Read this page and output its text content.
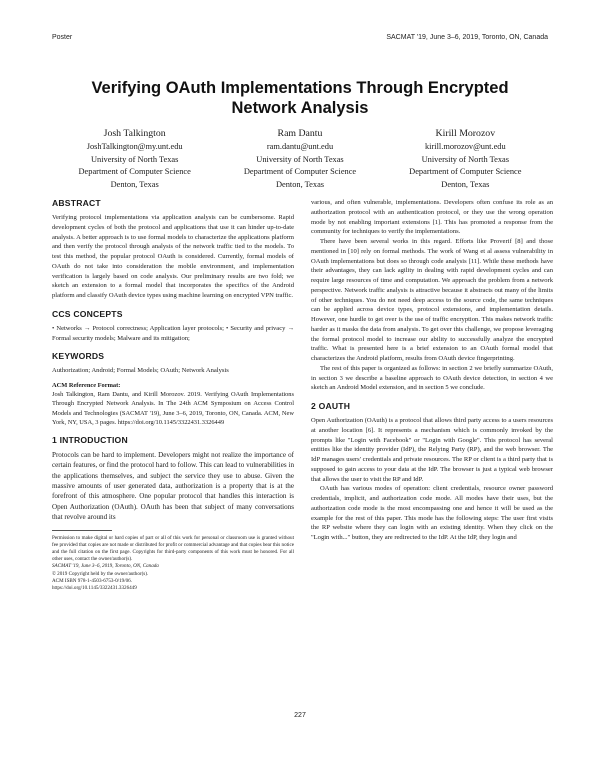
Poster	SACMAT '19, June 3–6, 2019, Toronto, ON, Canada
Verifying OAuth Implementations Through Encrypted Network Analysis
Josh Talkington
JoshTalkington@my.unt.edu
University of North Texas
Department of Computer Science
Denton, Texas
Ram Dantu
ram.dantu@unt.edu
University of North Texas
Department of Computer Science
Denton, Texas
Kirill Morozov
kirill.morozov@unt.edu
University of North Texas
Department of Computer Science
Denton, Texas
ABSTRACT

Verifying protocol implementations via application analysis can be cumbersome. Rapid development cycles of both the protocol and applications that use it can hinder up-to-date analysis. A better approach is to use formal models to characterize the applications platform and then verify the protocol through analysis of the network traffic tied to the models. To test this method, the popular protocol OAuth is considered. Currently, formal models of OAuth do not take into consideration the mobile environment, and implementation verification is largely based on code analysis. Our preliminary results are two fold; we sketch an extension to a formal model that incorporates the specifics of the Android platform and classify OAuth device types using machine learning on encrypted VPN traffic.

CCS CONCEPTS

• Networks → Protocol correctness; Application layer protocols; • Security and privacy → Formal security models; Malware and its mitigation;

KEYWORDS

Authorization; Android; Formal Models; OAuth; Network Analysis

ACM Reference Format:

Josh Talkington, Ram Dantu, and Kirill Morozov. 2019. Verifying OAuth Implementations Through Encrypted Network Analysis. In The 24th ACM Symposium on Access Control Models and Technologies (SACMAT '19), June 3–6, 2019, Toronto, ON, Canada. ACM, New York, NY, USA, 3 pages. https://doi.org/10.1145/3322431.3326449

1 INTRODUCTION

Protocols can be hard to implement. Developers might not realize the importance of certain features, or find the protocol hard to follow. This can lead to vulnerabilities in the applications themselves, and subject the service they use to abuse. Given the massive amounts of user generated data, authorization is a property that is at the forefront of this atmosphere. One popular protocol that handles this interaction is Open Authorization (OAuth). OAuth has been that subject of many conversations that revolve around its

Permission to make digital or hard copies of part or all of this work for personal or classroom use is granted without fee provided that copies are not made or distributed for profit or commercial advantage and that copies bear this notice and the full citation on the first page. Copyrights for third-party components of this work must be honored. For all other uses, contact the owner/author(s).

SACMAT '19, June 3–6, 2019, Toronto, ON, Canada
© 2019 Copyright held by the owner/author(s).
ACM ISBN 978-1-4503-6753-0/19/06.
https://doi.org/10.1145/3322431.3326449

various, and often vulnerable, implementations. Developers often confuse its role as an authorization protocol with an authentication protocol, or they use the wrong operation mode by not enabling important extensions [1]. This has promoted a response from the community for techniques to verify the implementations.

There have been several works in this regard. Efforts like Proverif [8] and those mentioned in [10] rely on formal methods. The work of Wang et al assess vulnerability in OAuth implementations but does so through code analysis [11]. While these methods have their advantages, they can lack agility in dealing with rapid development cycles and can require large resources of time and computation. We approach the problem from a network perspective. Network traffic analysis is attractive because it abstracts out many of the limits of other techniques. You do not need deep access to the source code, the same techniques can be applied across device types, protocol extensions, and implementation details. However, one hurdle to get over is the use of traffic encryption. This makes network traffic harder as it masks the data from analysis. To get over this challenge, we propose leveraging the formal protocol model to increase our ability to successfully analyze the encrypted traffic. What is presented here is a brief extension to an OAuth formal model that characterizes the Android platform, results from OAuth device fingerprinting.

The rest of this paper is organized as follows: in section 2 we briefly summarize OAuth, in section 3 we describe a baseline approach to OAuth device detection, in section 4 we sketch an Android Model extension, and in section 5 we conclude.

2 OAUTH

Open Authorization (OAuth) is a protocol that allows third party access to a users resources at another location [6]. It represents a mechanism which is commonly invoked by the prompts like "Login with Facebook" or "Login with Google". This protocol has several entities like the identity provider (IdP), the Relying Party (RP), and the web browser. The IdP manages users' credentials and private resources. The RP or client is a third party that is supposed to gain access to your data at the IdP. The browser is just a typical web browser that allows the user to visit the RP and IdP.

OAuth has various modes of operation: client credentials, resource owner password credentials, implicit, and authorization code mode. All modes have their uses, but the authorization code mode is the most encompassing one and hence it will be used as the example for the rest of this paper. This mode has the following steps: The user first visits the RP website where they can login with an existing identity. When they click on the "Login with..." button, they are redirected to the IdP. At the IdP, they login and

227
